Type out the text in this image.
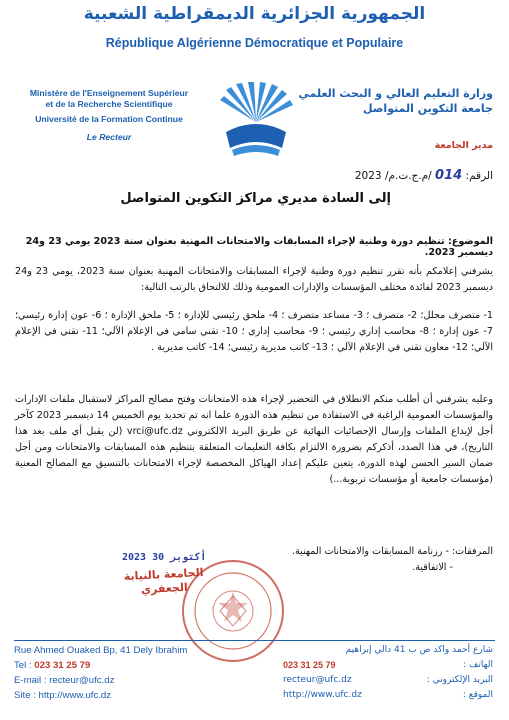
الجمهورية الجزائرية الديمقراطية الشعبية
République Algérienne Démocratique et Populaire
Ministère de l'Enseignement Supérieur
et de la Recherche Scientifique
Université de la Formation Continue
Le Recteur
وزارة التعليم العالي و البحث العلمي
جامعة التكوين المتواصل
مدير الجامعة
الرقم: 014 /م.ج.ت.م/ 2023
إلى السادة مديري مراكز التكوين المتواصل
الموضوع: تنظيم دورة وطنية لإجراء المسابقات والامتحانات المهنية بعنوان سنة 2023 يومي 23 و24 ديسمبر 2023.
يشرفني إعلامكم بأنه تقرر تنظيم دورة وطنية لإجراء المسابقات والامتحانات المهنية بعنوان سنة 2023، يومي 23 و24 ديسمبر 2023 لفائدة مختلف المؤسسات والإدارات العمومية وذلك للالتحاق بالرتب التالية:
1- متصرف محلل؛ 2- متصرف ؛ 3- مساعد متصرف ؛ 4- ملحق رئيسي للإدارة ؛ 5- ملحق الإدارة ؛ 6- عون إدارة رئيسي؛ 7- عون إدارة ؛ 8- محاسب إداري رئيسي ؛ 9- محاسب إداري ؛ 10- تقني سامي في الإعلام الآلي؛ 11- تقني في الإعلام الآلي؛ 12- معاون تقني في الإعلام الآلي ؛ 13- كاتب مديرية رئيسي؛ 14- كاتب مديرية .
وعليه يشرفني أن أطلب منكم الانطلاق في التحضير لإجراء هذه الامتحانات وفتح مصالح المراكز لاستقبال ملفات الإدارات والمؤسسات العمومية الراغبة في الاستفادة من تنظيم هذه الدورة علما انه تم تحديد يوم الخميس 14 ديسمبر 2023 كآخر أجل لإيداع الملفات وإرسال الإحصائيات النهائية عن طريق البريد الالكتروني vrci@ufc.dz (لن يقبل أي ملف بعد هذا التاريخ)، في هذا الصدد، أذكركم بضرورة الالتزام بكافة التعليمات المتعلقة بتنظيم هذه المسابقات والامتحانات ومن أجل ضمان السير الحسن لهذه الدورة، يتعين عليكم إعداد الهياكل المخصصة لإجراء الامتحانات بالتنسيق مع المصالح المعنية (مؤسسات جامعية أو مؤسسات تربوية...)
المرفقات: - رزنامة المسابقات والامتحانات المهنية.
- الاتفاقية.
2023 أكتوبر 30
الجامعة بالنيابة
الجعفري
Rue Ahmed Ouaked Bp, 41 Dely Ibrahim
Tel : 023 31 25 79
E-mail : recteur@ufc.dz
Site : http://www.ufc.dz
شارع أحمد واكد ص ب 41 دالي إبراهيم
الهاتف :
023 31 25 79
البريد الإلكتروني :
recteur@ufc.dz
الموقع :
http://www.ufc.dz
